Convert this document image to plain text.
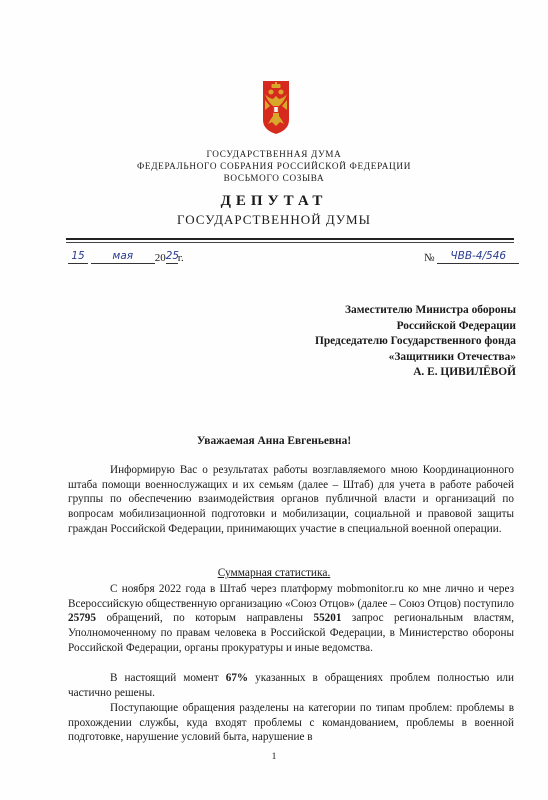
ГОСУДАРСТВЕННАЯ ДУМА
ФЕДЕРАЛЬНОГО СОБРАНИЯ РОССИЙСКОЙ ФЕДЕРАЦИИ
ВОСЬМОГО СОЗЫВА
ДЕПУТАТ
ГОСУДАРСТВЕННОЙ ДУМЫ
15	мая 2025г.	№ ЧВВ-4/546
Заместителю Министра обороны
Российской Федерации
Председателю Государственного фонда
«Защитники Отечества»
А. Е. ЦИВИЛЁВОЙ
Уважаемая Анна Евгеньевна!

Информирую Вас о результатах работы возглавляемого мною Координационного штаба помощи военнослужащих и их семьям (далее – Штаб) для учета в работе рабочей группы по обеспечению взаимодействия органов публичной власти и организаций по вопросам мобилизационной подготовки и мобилизации, социальной и правовой защиты граждан Российской Федерации, принимающих участие в специальной военной операции.

Суммарная статистика.

С ноября 2022 года в Штаб через платформу mobmonitor.ru ко мне лично и через Всероссийскую общественную организацию «Союз Отцов» (далее – Союз Отцов) поступило 25795 обращений, по которым направлены 55201 запрос региональным властям, Уполномоченному по правам человека в Российской Федерации, в Министерство обороны Российской Федерации, органы прокуратуры и иные ведомства.

В настоящий момент 67% указанных в обращениях проблем полностью или частично решены.

Поступающие обращения разделены на категории по типам проблем: проблемы в прохождении службы, куда входят проблемы с командованием, проблемы в военной подготовке, нарушение условий быта, нарушение в

1
